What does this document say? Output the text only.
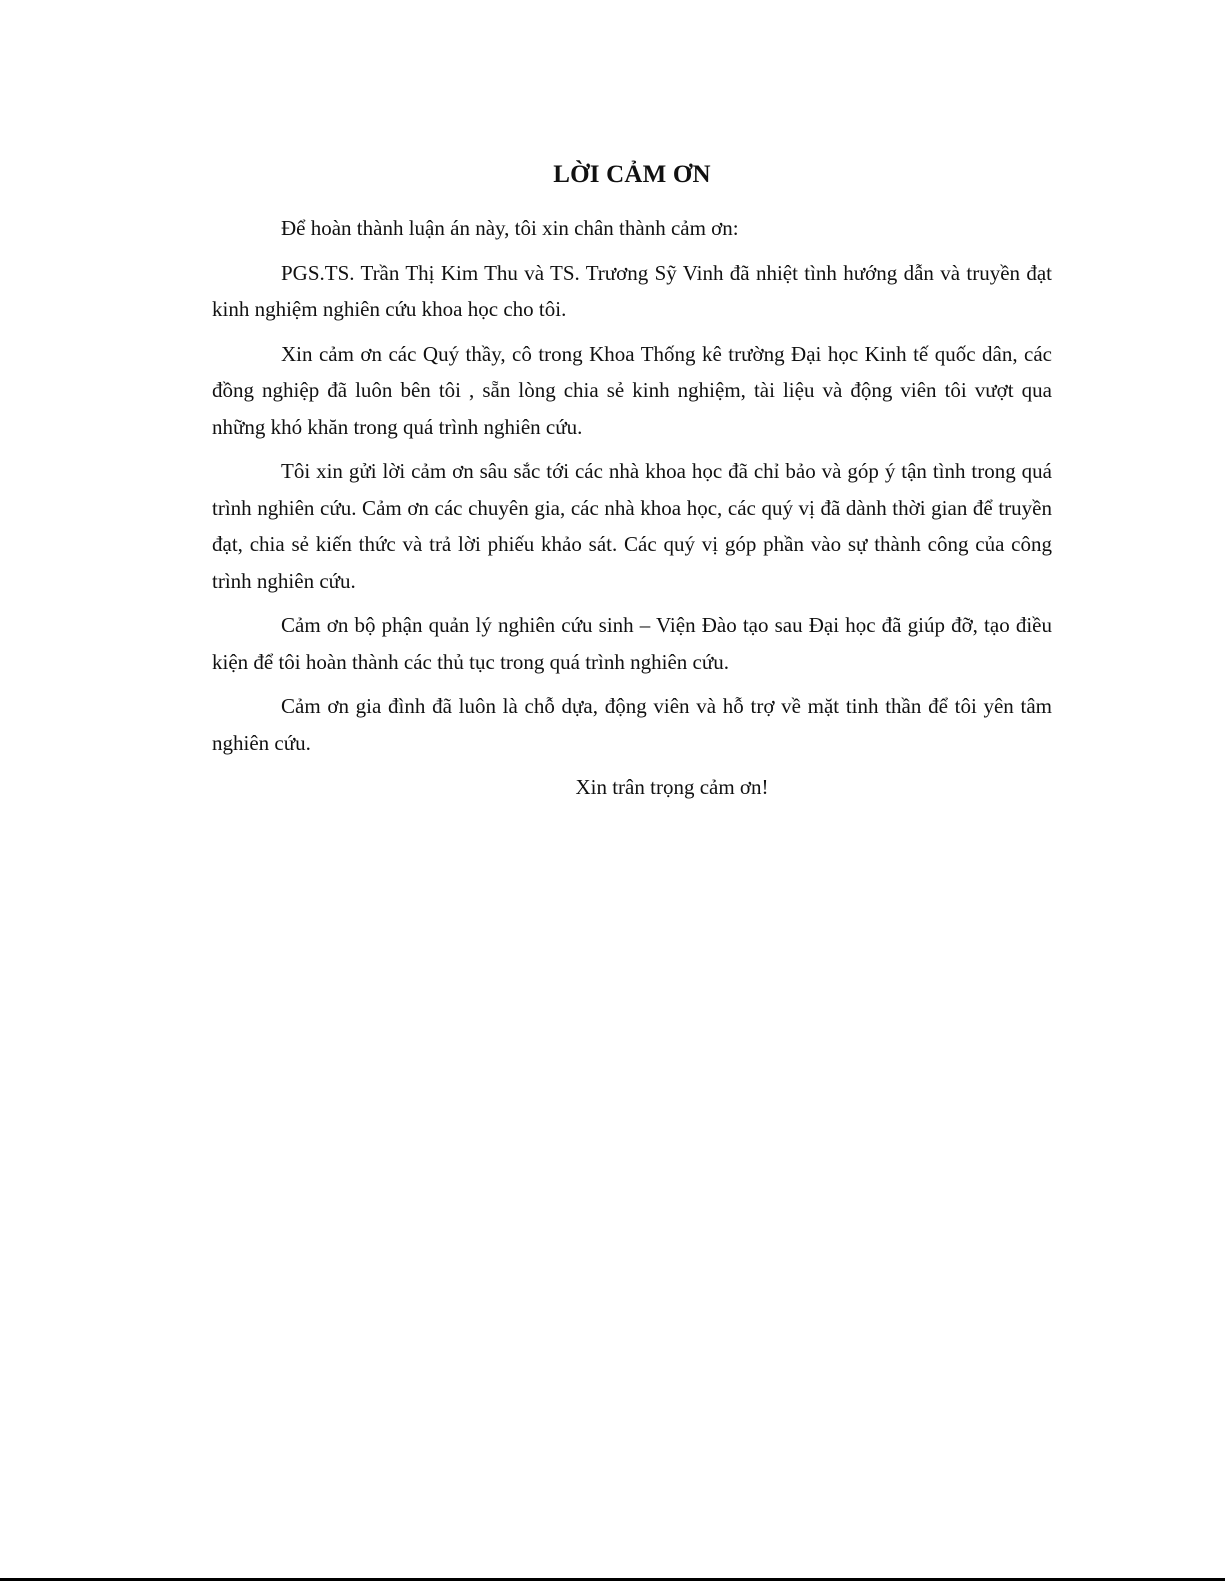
LỜI CẢM ƠN

Để hoàn thành luận án này, tôi xin chân thành cảm ơn:

PGS.TS. Trần Thị Kim Thu và TS. Trương Sỹ Vinh đã nhiệt tình hướng dẫn và truyền đạt kinh nghiệm nghiên cứu khoa học cho tôi.

Xin cảm ơn các Quý thầy, cô trong Khoa Thống kê trường Đại học Kinh tế quốc dân, các đồng nghiệp đã luôn bên tôi , sẵn lòng chia sẻ kinh nghiệm, tài liệu và động viên tôi vượt qua những khó khăn trong quá trình nghiên cứu.

Tôi xin gửi lời cảm ơn sâu sắc tới các nhà khoa học đã chỉ bảo và góp ý tận tình trong quá trình nghiên cứu. Cảm ơn các chuyên gia, các nhà khoa học, các quý vị đã dành thời gian để truyền đạt, chia sẻ kiến thức và trả lời phiếu khảo sát. Các quý vị góp phần vào sự thành công của công trình nghiên cứu.

Cảm ơn bộ phận quản lý nghiên cứu sinh – Viện Đào tạo sau Đại học đã giúp đỡ, tạo điều kiện để tôi hoàn thành các thủ tục trong quá trình nghiên cứu.

Cảm ơn gia đình đã luôn là chỗ dựa, động viên và hỗ trợ về mặt tinh thần để tôi yên tâm nghiên cứu.

Xin trân trọng cảm ơn!
